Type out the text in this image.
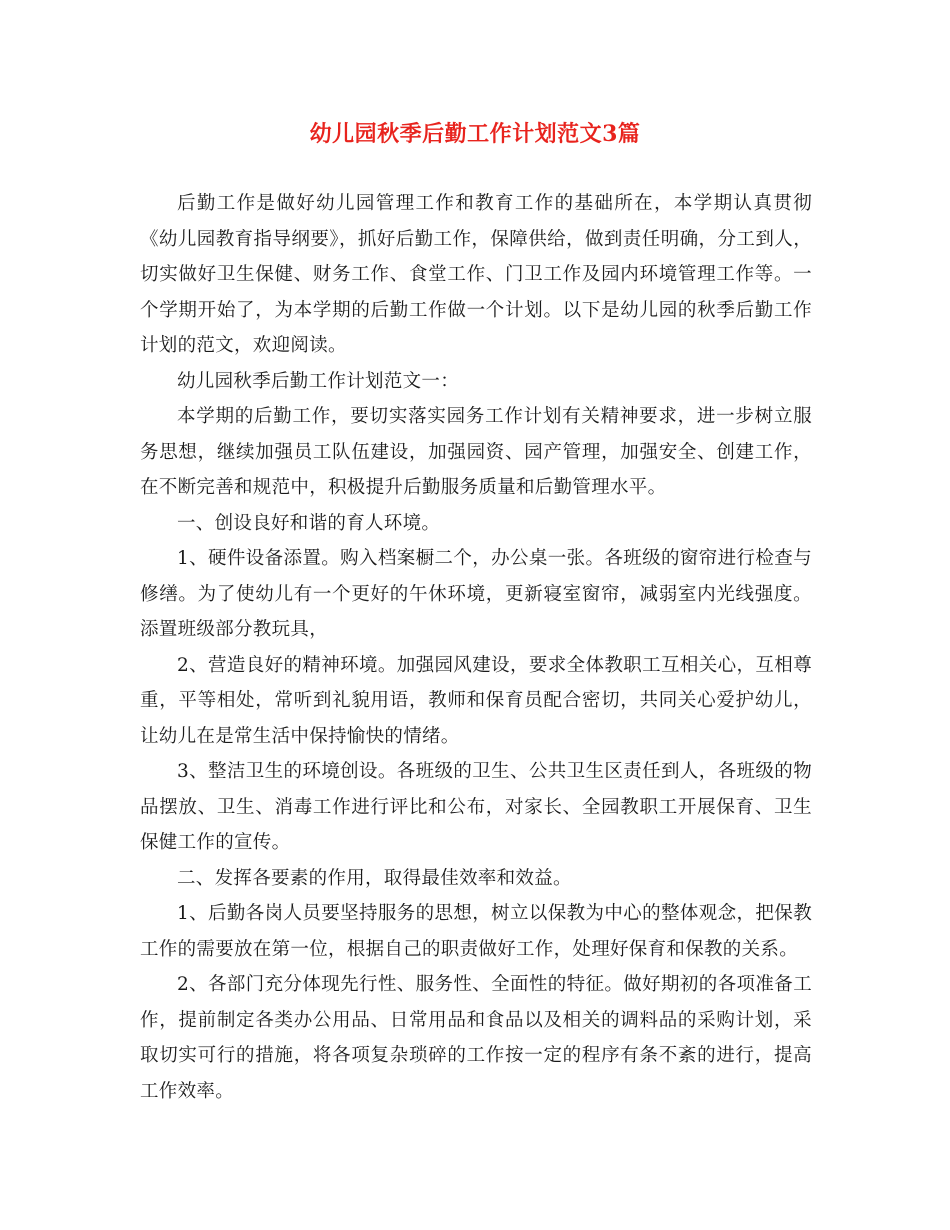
幼儿园秋季后勤工作计划范文3篇

后勤工作是做好幼儿园管理工作和教育工作的基础所在，本学期认真贯彻《幼儿园教育指导纲要》，抓好后勤工作，保障供给，做到责任明确，分工到人，切实做好卫生保健、财务工作、食堂工作、门卫工作及园内环境管理工作等。一个学期开始了，为本学期的后勤工作做一个计划。以下是幼儿园的秋季后勤工作计划的范文，欢迎阅读。

幼儿园秋季后勤工作计划范文一：

本学期的后勤工作，要切实落实园务工作计划有关精神要求，进一步树立服务思想，继续加强员工队伍建设，加强园资、园产管理，加强安全、创建工作，在不断完善和规范中，积极提升后勤服务质量和后勤管理水平。

一、创设良好和谐的育人环境。

1、硬件设备添置。购入档案橱二个，办公桌一张。各班级的窗帘进行检查与修缮。为了使幼儿有一个更好的午休环境，更新寝室窗帘，减弱室内光线强度。添置班级部分教玩具，

2、营造良好的精神环境。加强园风建设，要求全体教职工互相关心，互相尊重，平等相处，常听到礼貌用语，教师和保育员配合密切，共同关心爱护幼儿，让幼儿在是常生活中保持愉快的情绪。

3、整洁卫生的环境创设。各班级的卫生、公共卫生区责任到人，各班级的物品摆放、卫生、消毒工作进行评比和公布，对家长、全园教职工开展保育、卫生保健工作的宣传。

二、发挥各要素的作用，取得最佳效率和效益。

1、后勤各岗人员要坚持服务的思想，树立以保教为中心的整体观念，把保教工作的需要放在第一位，根据自己的职责做好工作，处理好保育和保教的关系。

2、各部门充分体现先行性、服务性、全面性的特征。做好期初的各项准备工作，提前制定各类办公用品、日常用品和食品以及相关的调料品的采购计划，采取切实可行的措施，将各项复杂琐碎的工作按一定的程序有条不紊的进行，提高工作效率。
